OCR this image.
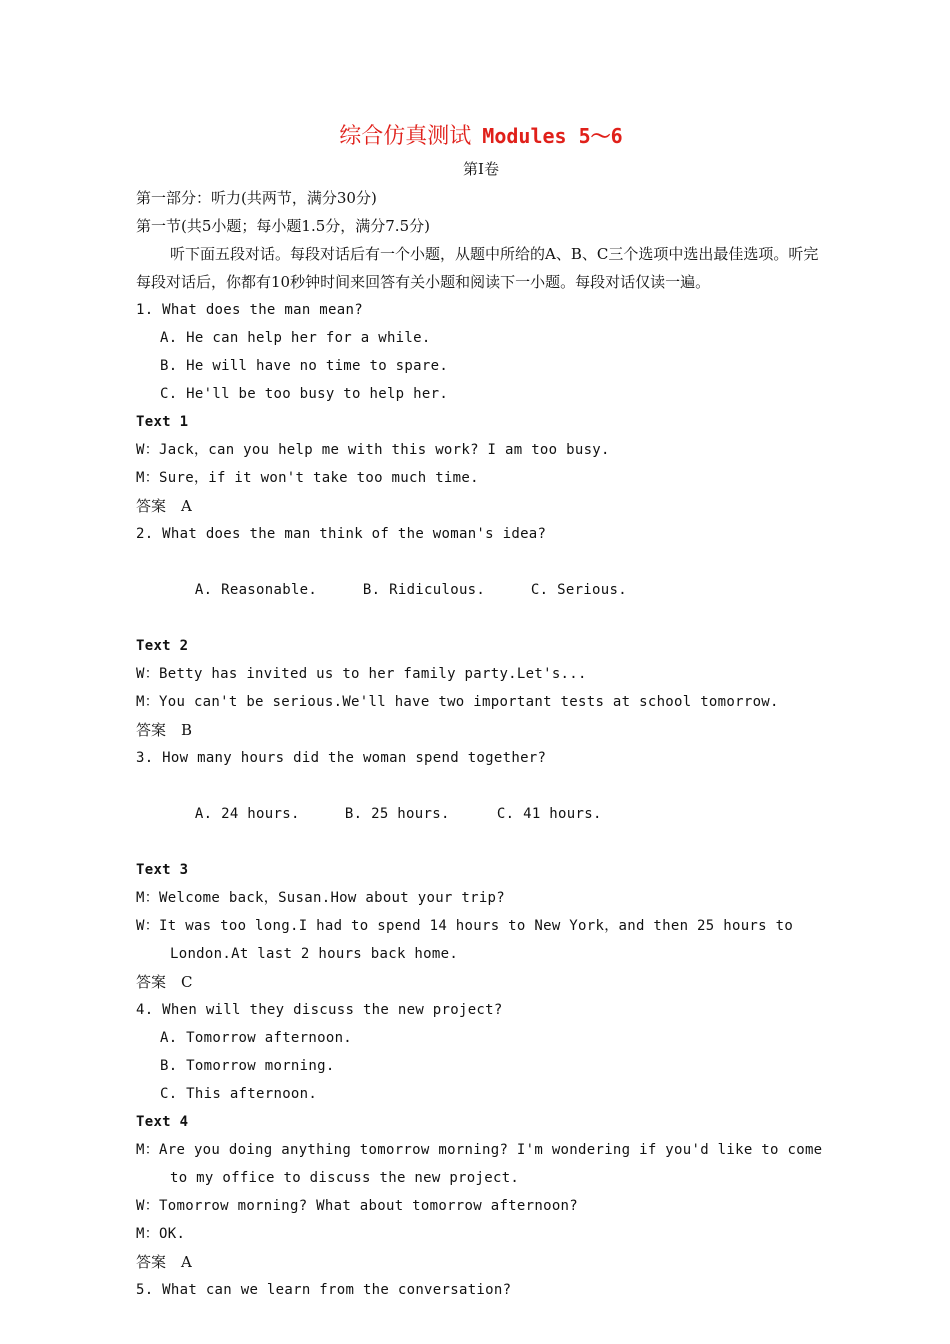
综合仿真测试 Modules 5～6
第Ⅰ卷
第一部分：听力(共两节，满分30分)
第一节(共5小题；每小题1.5分，满分7.5分)
听下面五段对话。每段对话后有一个小题，从题中所给的A、B、C三个选项中选出最佳选项。听完每段对话后，你都有10秒钟时间来回答有关小题和阅读下一小题。每段对话仅读一遍。
1. What does the man mean?
A. He can help her for a while.
B. He will have no time to spare.
C. He'll be too busy to help her.
Text 1
W：Jack，can you help me with this work? I am too busy.
M：Sure，if it won't take too much time.
答案　A
2. What does the man think of the woman's idea?

A. Reasonable.	B. Ridiculous.	C. Serious.

Text 2
W：Betty has invited us to her family party.Let's...
M：You can't be serious.We'll have two important tests at school tomorrow.
答案　B
3. How many hours did the woman spend together?

A. 24 hours.	B. 25 hours.	C. 41 hours.

Text 3
M：Welcome back，Susan.How about your trip?
W：It was too long.I had to spend 14 hours to New York，and then 25 hours to
London.At last 2 hours back home.
答案　C
4. When will they discuss the new project?
A. Tomorrow afternoon.
B. Tomorrow morning.
C. This afternoon.
Text 4
M：Are you doing anything tomorrow morning? I'm wondering if you'd like to come
to my office to discuss the new project.
W：Tomorrow morning? What about tomorrow afternoon?
M：OK.
答案　A
5. What can we learn from the conversation?
